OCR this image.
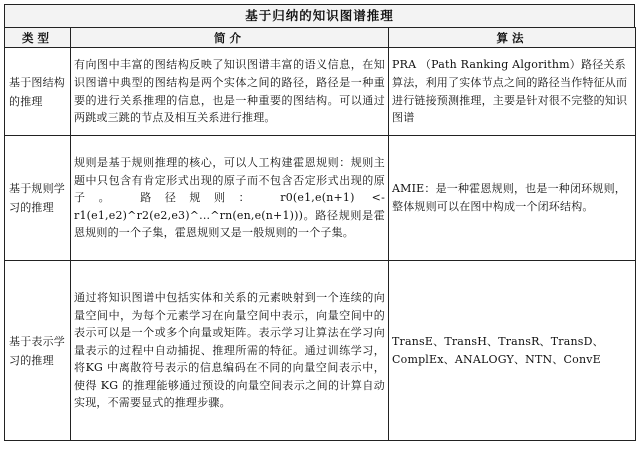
基于归纳的知识图谱推理
类型	简介	算法
基于图结构的推理	有向图中丰富的图结构反映了知识图谱丰富的语义信息，在知识图谱中典型的图结构是两个实体之间的路径，路径是一种重要的进行关系推理的信息，也是一种重要的图结构。可以通过两跳或三跳的节点及相互关系进行推理。	PRA （Path Ranking Algorithm）路径关系算法，利用了实体节点之间的路径当作特征从而进行链接预测推理，主要是针对很不完整的知识图谱
基于规则学习的推理	规则是基于规则推理的核心，可以人工构建霍恩规则：规则主题中只包含有肯定形式出现的原子而不包含否定形式出现的原子。 路径规则： r0(e1,e(n+1) <- r1(e1,e2)^r2(e2,e3)^...^rn(en,e(n+1)))。路径规则是霍恩规则的一个子集，霍恩规则又是一般规则的一个子集。	AMIE：是一种霍恩规则，也是一种闭环规则，整体规则可以在图中构成一个闭环结构。
基于表示学习的推理	通过将知识图谱中包括实体和关系的元素映射到一个连续的向量空间中，为每个元素学习在向量空间中表示，向量空间中的表示可以是一个或多个向量或矩阵。表示学习让算法在学习向量表示的过程中自动捕捉、推理所需的特征。通过训练学习，将KG 中离散符号表示的信息编码在不同的向量空间表示中，使得 KG 的推理能够通过预设的向量空间表示之间的计算自动实现，不需要显式的推理步骤。	TransE、TransH、TransR、TransD、ComplEx、ANALOGY、NTN、ConvE
